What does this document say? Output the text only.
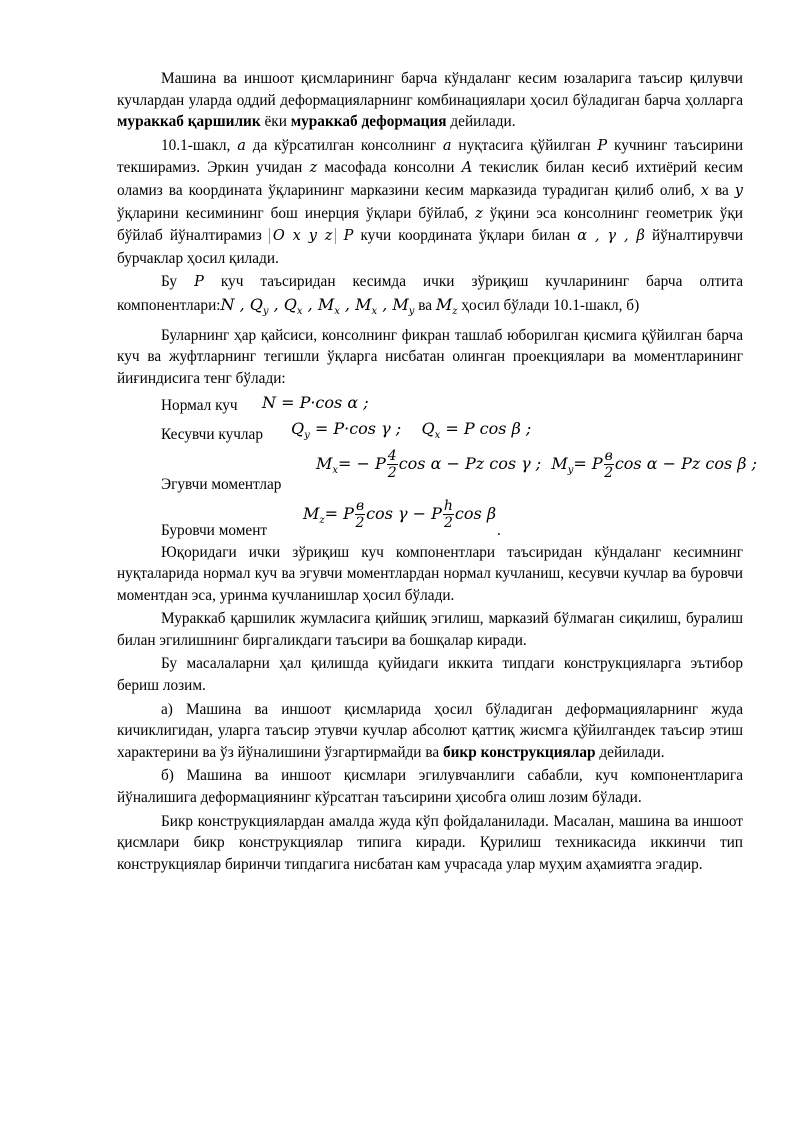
Машина ва иншоот қисмларининг барча кўндаланг кесим юзаларига таъсир қилувчи кучлардан уларда оддий деформацияларнинг комбинациялари ҳосил бўладиган барча ҳолларга мураккаб қаршилик ёки мураккаб деформация дейилади.

10.1-шакл, a да кўрсатилган консолнинг a нуқтасига қўйилган P кучнинг таъсирини текширамиз. Эркин учидан z масофада консолни A текислик билан кесиб ихтиёрий кесим оламиз ва координата ўқларининг марказини кесим марказида турадиган қилиб олиб, x ва y ўқларини кесимининг бош инерция ўқлари бўйлаб, z ўқини эса консолнинг геометрик ўқи бўйлаб йўналтирамиз O x y z P кучи координата ўқлари билан α , γ , β йўналтирувчи бурчаклар ҳосил қилади.

Бу P куч таъсиридан кесимда ички зўриқиш кучларининг барча олтита компонентлари:N , $Q_y$ , $Q_x$ , $M_x$ , $M_x$ , $M_y$ ва $M_z$ ҳосил бўлади 10.1-шакл, б)

Буларнинг ҳар қайсиси, консолнинг фикран ташлаб юборилган қисмига қўйилган барча куч ва жуфтларнинг тегишли ўқларга нисбатан олинган проекциялари ва моментларининг йиғиндисига тенг бўлади:

Нормал куч N = P·cos α ;
Кесувчи кучлар $Q_y = P\cdot\cos$ γ ;    $Q_x = P$ cos β ;
Эгувчи моментлар
$M_x= - P \frac{4}{2}$ cos α − Pz cos γ ;  $M_y= P \frac{в}{2}$ cos α − Pz cos β ;
Буровчи момент
$M_z= P \frac{в}{2}$ cos γ − P $\frac{h}{2}$ cos β
.

Юқоридаги ички зўриқиш куч компонентлари таъсиридан кўндаланг кесимнинг нуқталарида нормал куч ва эгувчи моментлардан нормал кучланиш, кесувчи кучлар ва буровчи моментдан эса, уринма кучланишлар ҳосил бўлади.

Мураккаб қаршилик жумласига қийшиқ эгилиш, марказий бўлмаган сиқилиш, буралиш билан эгилишнинг биргаликдаги таъсири ва бошқалар киради.

Бу масалаларни ҳал қилишда қуйидаги иккита типдаги конструкцияларга эътибор бериш лозим.

а) Машина ва иншоот қисмларида ҳосил бўладиган деформацияларнинг жуда кичиклигидан, уларга таъсир этувчи кучлар абсолют қаттиқ жисмга қўйилгандек таъсир этиш характерини ва ўз йўналишини ўзгартирмайди ва бикр конструкциялар дейилади.

б) Машина ва иншоот қисмлари эгилувчанлиги сабабли, куч компонентларига йўналишига деформациянинг кўрсатган таъсирини ҳисобга олиш лозим бўлади.

Бикр конструкциялардан амалда жуда кўп фойдаланилади. Масалан, машина ва иншоот қисмлари бикр конструкциялар типига киради. Қурилиш техникасида иккинчи тип конструкциялар биринчи типдагига нисбатан кам учрасада улар муҳим аҳамиятга эгадир.
